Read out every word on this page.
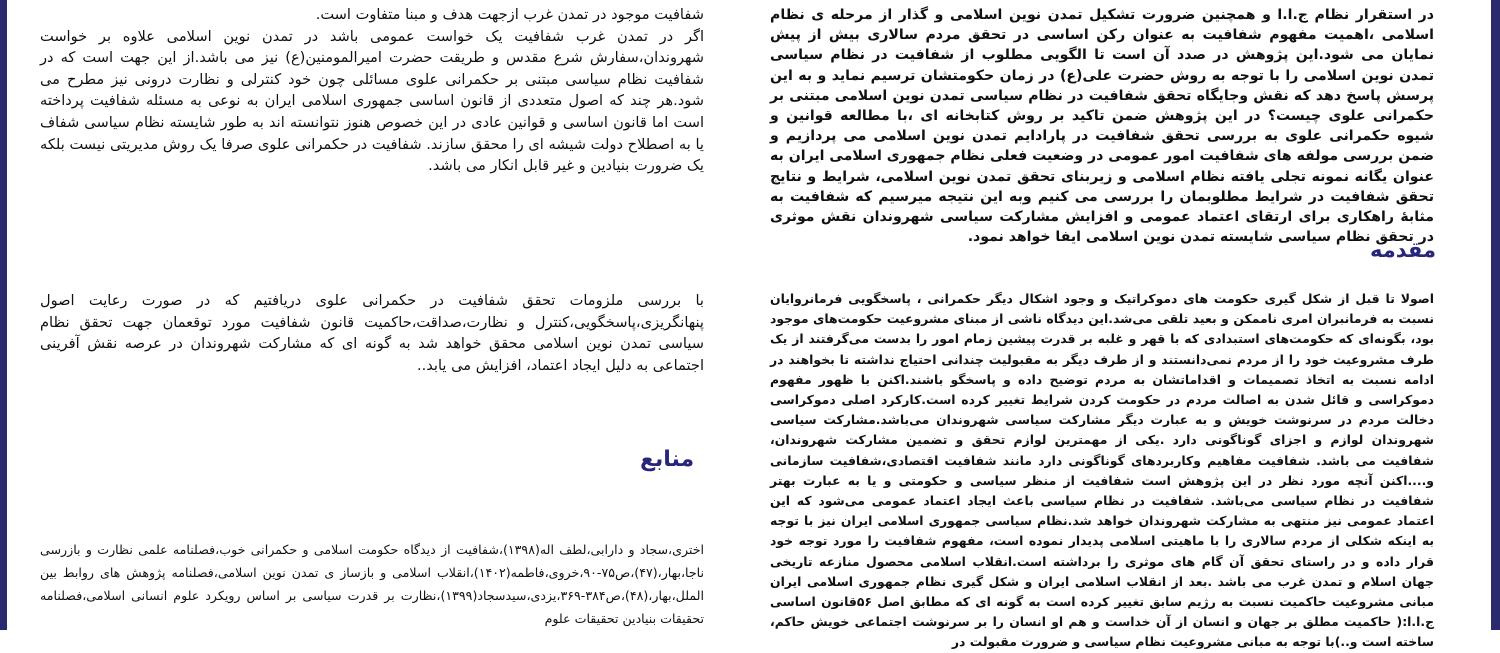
شفافیت موجود در تمدن غرب ازجهت هدف و مبنا متفاوت است.

اگر در تمدن غرب شفافیت یک خواست عمومی باشد در تمدن نوین اسلامی علاوه بر خواست شهروندان،سفارش شرع مقدس و طریقت حضرت امیرالمومنین(ع) نیز می باشد.از این جهت است که در شفافیت نظام سیاسی مبتنی بر حکمرانی علوی مسائلی چون خود کنترلی و نظارت درونی نیز مطرح می شود.هر چند که اصول متعددی از قانون اساسی جمهوری اسلامی ایران به نوعی به مسئله شفافیت پرداخته است اما قانون اساسی و قوانین عادی در این خصوص هنوز نتوانسته اند به طور شایسته نظام سیاسی شفاف یا به اصطلاح دولت شیشه ای را محقق سازند. شفافیت در حکمرانی علوی صرفا یک روش مدیریتی نیست بلکه یک ضرورت بنیادین و غیر قابل انکار می باشد.

با بررسی ملزومات تحقق شفافیت در حکمرانی علوی دریافتیم که در صورت رعایت اصول پنهانگریزی،پاسخگویی،کنترل و نظارت،صداقت،حاکمیت قانون شفافیت مورد توقعمان جهت تحقق نظام سیاسی تمدن نوین اسلامی محقق خواهد شد به گونه ای که مشارکت شهروندان در عرصه نقش آفرینی اجتماعی به دلیل ایجاد اعتماد، افزایش می یابد..

منابع

اختری،سجاد و دارابی،لطف اله(۱۳۹۸)،شفافیت از دیدگاه حکومت اسلامی و حکمرانی خوب،فصلنامه علمی نظارت و بازرسی ناجا،بهار،(۴۷)،ص۷۵-۹۰،خروی،فاطمه(۱۴۰۲)،انقلاب اسلامی و بازساز ی تمدن نوین اسلامی،فصلنامه پژوهش های روابط بین الملل،بهار،(۴۸)،ص۳۸۴-۳۶۹،یزدی،سیدسجاد(۱۳۹۹)،نظارت بر قدرت سیاسی بر اساس رویکرد علوم انسانی اسلامی،فصلنامه تحقیقات بنیادین تحقیقات علوم

در استقرار نظام ج.ا.ا و همچنین ضرورت تشکیل تمدن نوین اسلامی و گذار از مرحله ی نظام اسلامی ،اهمیت مفهوم شفافیت به عنوان رکن اساسی در تحقق مردم سالاری بیش از پیش نمایان می شود.این پژوهش در صدد آن است تا الگویی مطلوب از شفافیت در نظام سیاسی تمدن نوین اسلامی را با توجه به روش حضرت علی(ع) در زمان حکومتشان ترسیم نماید و به این پرسش پاسخ دهد که نقش وجایگاه تحقق شفافیت در نظام سیاسی تمدن نوین اسلامی مبتنی بر حکمرانی علوی چیست؟ در این پژوهش ضمن تاکید بر روش کتابخانه ای ،با مطالعه قوانین و شیوه حکمرانی علوی به بررسی تحقق شفافیت در پارادایم تمدن نوین اسلامی می پردازیم و ضمن بررسی مولفه های شفافیت امور عمومی در وضعیت فعلی نظام جمهوری اسلامی ایران به عنوان یگانه نمونه تجلی یافته نظام اسلامی و زیربنای تحقق تمدن نوین اسلامی، شرایط و نتایج تحقق شفافیت در شرایط مطلوبمان را بررسی می کنیم وبه این نتیجه میرسیم که شفافیت به مثابهٔ راهکاری برای ارتقای اعتماد عمومی و افزایش مشارکت سیاسی شهروندان نقش موثری در تحقق نظام سیاسی شایسته تمدن نوین اسلامی ایفا خواهد نمود.

مقدمه

اصولا تا قبل از شکل گیری حکومت های دموکراتیک و وجود اشکال دیگر حکمرانی ، پاسخگویی فرمانروایان نسبت به فرمانبران امری ناممکن و بعید تلقی می‌شد.این دیدگاه ناشی از مبنای مشروعیت حکومت‌های موجود بود، بگونه‌ای که حکومت‌های استبدادی که با قهر و غلبه بر قدرت پیشین زمام امور را بدست می‌گرفتند از یک طرف مشروعیت خود را از مردم نمی‌دانستند و از طرف دیگر به مقبولیت چندانی احتیاج نداشته تا بخواهند در ادامه نسبت به اتخاذ تصمیمات و اقداماتشان به مردم توضیح داده و پاسخگو باشند.اکنن با ظهور مفهوم دموکراسی و قائل شدن به اصالت مردم در حکومت کردن شرایط تغییر کرده است.کارکرد اصلی دموکراسی دخالت مردم در سرنوشت خویش و به عبارت دیگر مشارکت سیاسی شهروندان می‌باشد.مشارکت سیاسی شهروندان لوازم و اجزای گوناگونی دارد .یکی از مهمترین لوازم تحقق و تضمین مشارکت شهروندان، شفافیت می باشد. شفافیت مفاهیم وکاربردهای گوناگونی دارد مانند شفافیت اقتصادی،شفافیت سازمانی و....اکنن آنچه مورد نظر در این پژوهش است شفافیت از منظر سیاسی و حکومتی و یا به عبارت بهتر شفافیت در نظام سیاسی می‌باشد. شفافیت در نظام سیاسی باعث ایجاد اعتماد عمومی می‌شود که این اعتماد عمومی نیز منتهی به مشارکت شهروندان خواهد شد.نظام سیاسی جمهوری اسلامی ایران نیز با توجه به اینکه شکلی از مردم سالاری را با ماهیتی اسلامی پدیدار نموده است، مفهوم شفافیت را مورد توجه خود قرار داده و در راستای تحقق آن گام های موثری را برداشته است.انقلاب اسلامی محصول منازعه تاریخی جهان اسلام و تمدن غرب می باشد .بعد از انقلاب اسلامی ایران و شکل گیری نظام جمهوری اسلامی ایران مبانی مشروعیت حاکمیت نسبت به رژیم سابق تغییر کرده است به گونه ای که مطابق اصل ۵۶قانون اساسی ج.ا.ا:( حاکمیت مطلق بر جهان و انسان از آن خداست و هم او انسان را بر سرنوشت اجتماعی خویش حاکم، ساخته است و..)با توجه به مبانی مشروعیت نظام سیاسی و ضرورت مقبولت در
